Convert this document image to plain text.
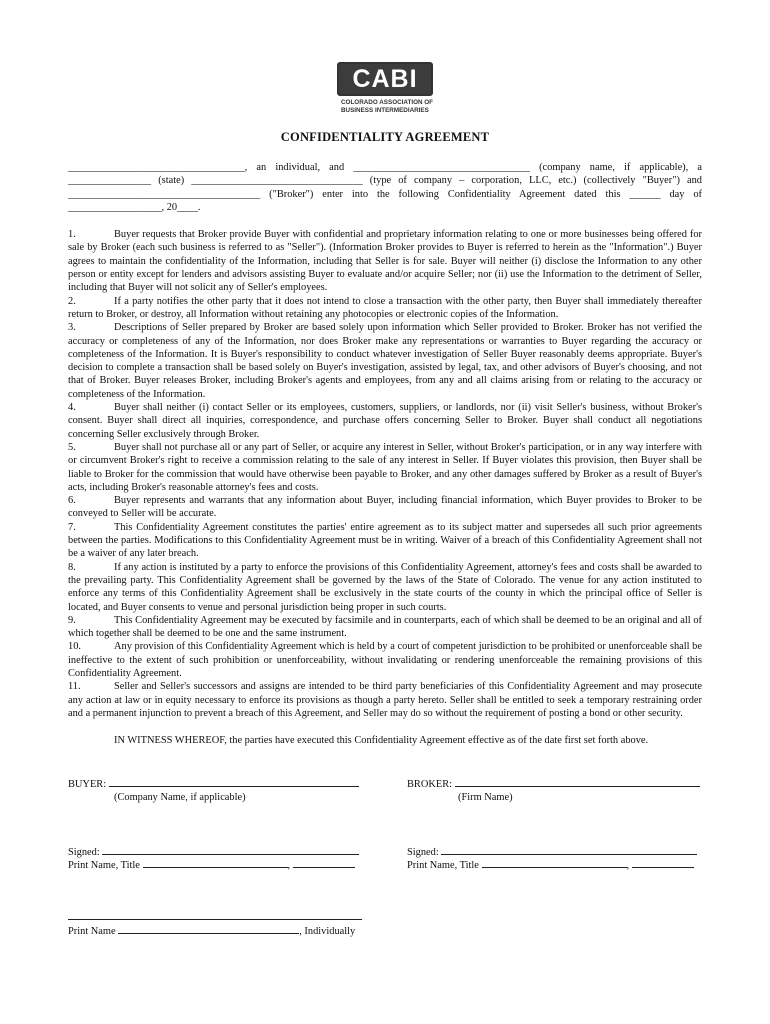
CABI
COLORADO ASSOCIATION OF
BUSINESS INTERMEDIARIES
CONFIDENTIALITY AGREEMENT

__________________________________, an individual, and __________________________________ (company name, if applicable), a

________________ (state) _________________________________ (type of company – corporation, LLC, etc.) (collectively "Buyer") and

_____________________________________ ("Broker") enter into the following Confidentiality Agreement dated this ______ day of

__________________, 20____.

1.	Buyer requests that Broker provide Buyer with confidential and proprietary information relating to one or more businesses being offered for sale by Broker (each such business is referred to as "Seller"). (Information Broker provides to Buyer is referred to herein as the "Information".) Buyer agrees to maintain the confidentiality of the Information, including that Seller is for sale. Buyer will neither (i) disclose the Information to any other person or entity except for lenders and advisors assisting Buyer to evaluate and/or acquire Seller; nor (ii) use the Information to the detriment of Seller, including that Buyer will not solicit any of Seller's employees.

2.	If a party notifies the other party that it does not intend to close a transaction with the other party, then Buyer shall immediately thereafter return to Broker, or destroy, all Information without retaining any photocopies or electronic copies of the Information.

3.	Descriptions of Seller prepared by Broker are based solely upon information which Seller provided to Broker. Broker has not verified the accuracy or completeness of any of the Information, nor does Broker make any representations or warranties to Buyer regarding the accuracy or completeness of the Information. It is Buyer's responsibility to conduct whatever investigation of Seller Buyer reasonably deems appropriate. Buyer's decision to complete a transaction shall be based solely on Buyer's investigation, assisted by legal, tax, and other advisors of Buyer's choosing, and not that of Broker. Buyer releases Broker, including Broker's agents and employees, from any and all claims arising from or relating to the accuracy or completeness of the Information.

4.	Buyer shall neither (i) contact Seller or its employees, customers, suppliers, or landlords, nor (ii) visit Seller's business, without Broker's consent. Buyer shall direct all inquiries, correspondence, and purchase offers concerning Seller to Broker. Buyer shall conduct all negotiations concerning Seller exclusively through Broker.

5.	Buyer shall not purchase all or any part of Seller, or acquire any interest in Seller, without Broker's participation, or in any way interfere with or circumvent Broker's right to receive a commission relating to the sale of any interest in Seller. If Buyer violates this provision, then Buyer shall be liable to Broker for the commission that would have otherwise been payable to Broker, and any other damages suffered by Broker as a result of Buyer's acts, including Broker's reasonable attorney's fees and costs.

6.	Buyer represents and warrants that any information about Buyer, including financial information, which Buyer provides to Broker to be conveyed to Seller will be accurate.

7.	This Confidentiality Agreement constitutes the parties' entire agreement as to its subject matter and supersedes all such prior agreements between the parties. Modifications to this Confidentiality Agreement must be in writing. Waiver of a breach of this Confidentiality Agreement shall not be a waiver of any later breach.

8.	If any action is instituted by a party to enforce the provisions of this Confidentiality Agreement, attorney's fees and costs shall be awarded to the prevailing party. This Confidentiality Agreement shall be governed by the laws of the State of Colorado. The venue for any action instituted to enforce any terms of this Confidentiality Agreement shall be exclusively in the state courts of the county in which the principal office of Seller is located, and Buyer consents to venue and personal jurisdiction being proper in such courts.

9.	This Confidentiality Agreement may be executed by facsimile and in counterparts, each of which shall be deemed to be an original and all of which together shall be deemed to be one and the same instrument.

10.	Any provision of this Confidentiality Agreement which is held by a court of competent jurisdiction to be prohibited or unenforceable shall be ineffective to the extent of such prohibition or unenforceability, without invalidating or rendering unenforceable the remaining provisions of this Confidentiality Agreement.

11.	Seller and Seller's successors and assigns are intended to be third party beneficiaries of this Confidentiality Agreement and may prosecute any action at law or in equity necessary to enforce its provisions as though a party hereto. Seller shall be entitled to seek a temporary restraining order and a permanent injunction to prevent a breach of this Agreement, and Seller may do so without the requirement of posting a bond or other security.

IN WITNESS WHEREOF, the parties have executed this Confidentiality Agreement effective as of the date first set forth above.

BUYER:
(Company Name, if applicable)
BROKER:
(Firm Name)
Signed:
Print Name, Title	,
Signed:
Print Name, Title	,
Print Name	, Individually
